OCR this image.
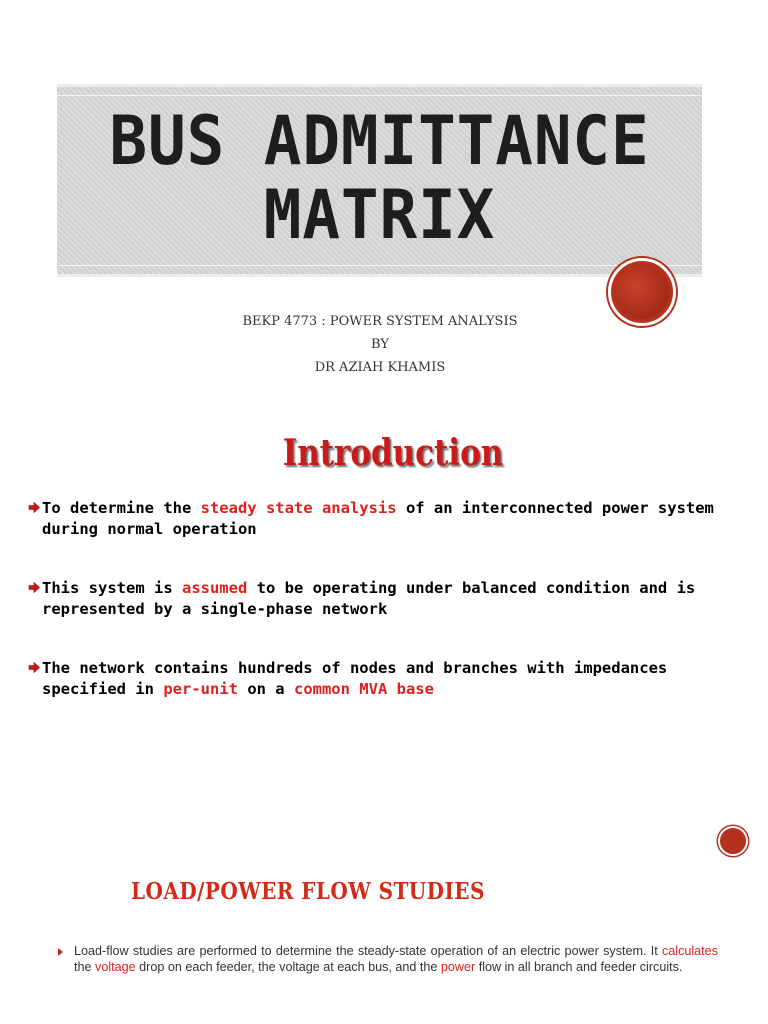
BUS ADMITTANCE
MATRIX
BEKP 4773 : POWER SYSTEM ANALYSIS
BY
DR AZIAH KHAMIS
Introduction
To determine the steady state analysis of an interconnected power system during normal operation
This system is assumed to be operating under balanced condition and is represented by a single-phase network
The network contains hundreds of nodes and branches with impedances specified in per-unit on a common MVA base
LOAD/POWER FLOW STUDIES
Load-flow studies are performed to determine the steady-state operation of an electric power system. It calculates the voltage drop on each feeder, the voltage at each bus, and the power flow in all branch and feeder circuits.
